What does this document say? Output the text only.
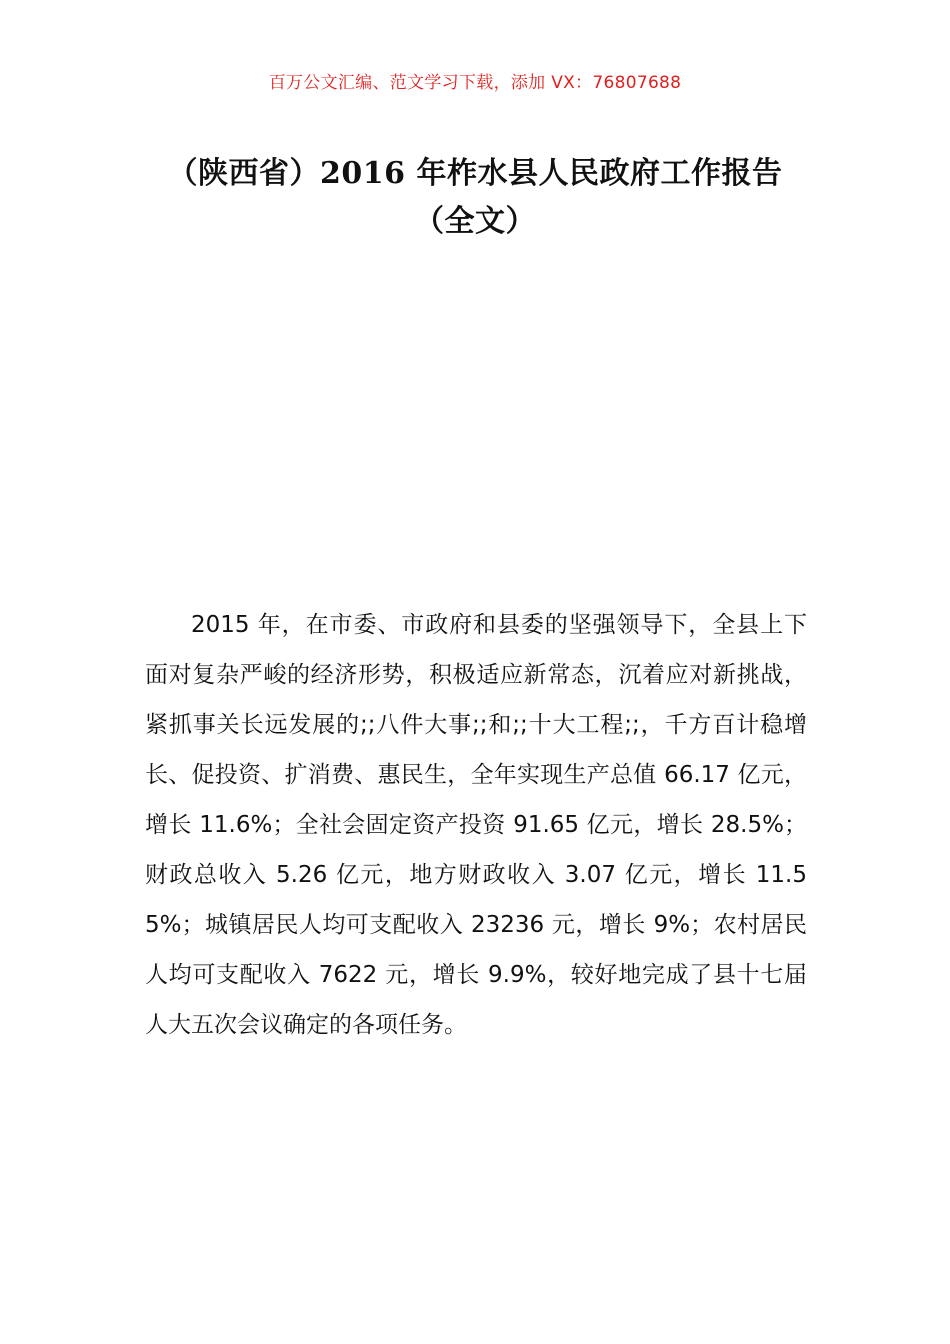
百万公文汇编、范文学习下载，添加 VX：76807688
（陕西省）2016 年柞水县人民政府工作报告（全文）

2015 年，在市委、市政府和县委的坚强领导下，全县上下面对复杂严峻的经济形势，积极适应新常态，沉着应对新挑战，紧抓事关长远发展的;;八件大事;;和;;十大工程;;，千方百计稳增长、促投资、扩消费、惠民生，全年实现生产总值 66.17 亿元，增长 11.6%；全社会固定资产投资 91.65 亿元，增长 28.5%；财政总收入 5.26 亿元，地方财政收入 3.07 亿元，增长 11.55%；城镇居民人均可支配收入 23236 元，增长 9%；农村居民人均可支配收入 7622 元，增长 9.9%，较好地完成了县十七届人大五次会议确定的各项任务。
